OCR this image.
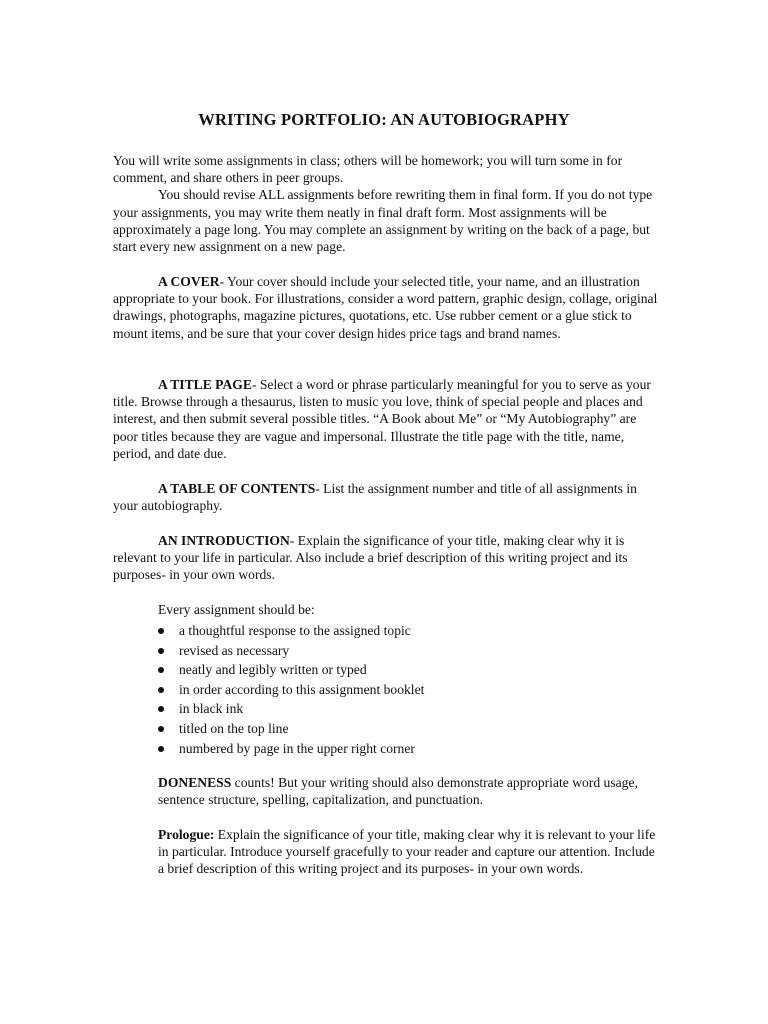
WRITING PORTFOLIO: AN AUTOBIOGRAPHY
You will write some assignments in class; others will be homework; you will turn some in for comment, and share others in peer groups.
You should revise ALL assignments before rewriting them in final form. If you do not type your assignments, you may write them neatly in final draft form. Most assignments will be approximately a page long. You may complete an assignment by writing on the back of a page, but start every new assignment on a new page.
A COVER- Your cover should include your selected title, your name, and an illustration appropriate to your book. For illustrations, consider a word pattern, graphic design, collage, original drawings, photographs, magazine pictures, quotations, etc. Use rubber cement or a glue stick to mount items, and be sure that your cover design hides price tags and brand names.
A TITLE PAGE- Select a word or phrase particularly meaningful for you to serve as your title. Browse through a thesaurus, listen to music you love, think of special people and places and interest, and then submit several possible titles. “A Book about Me” or “My Autobiography” are poor titles because they are vague and impersonal. Illustrate the title page with the title, name, period, and date due.
A TABLE OF CONTENTS- List the assignment number and title of all assignments in your autobiography.
AN INTRODUCTION- Explain the significance of your title, making clear why it is relevant to your life in particular. Also include a brief description of this writing project and its purposes- in your own words.
Every assignment should be:
a thoughtful response to the assigned topic
revised as necessary
neatly and legibly written or typed
in order according to this assignment booklet
in black ink
titled on the top line
numbered by page in the upper right corner
DONENESS counts! But your writing should also demonstrate appropriate word usage, sentence structure, spelling, capitalization, and punctuation.
Prologue: Explain the significance of your title, making clear why it is relevant to your life in particular. Introduce yourself gracefully to your reader and capture our attention. Include a brief description of this writing project and its purposes- in your own words.
